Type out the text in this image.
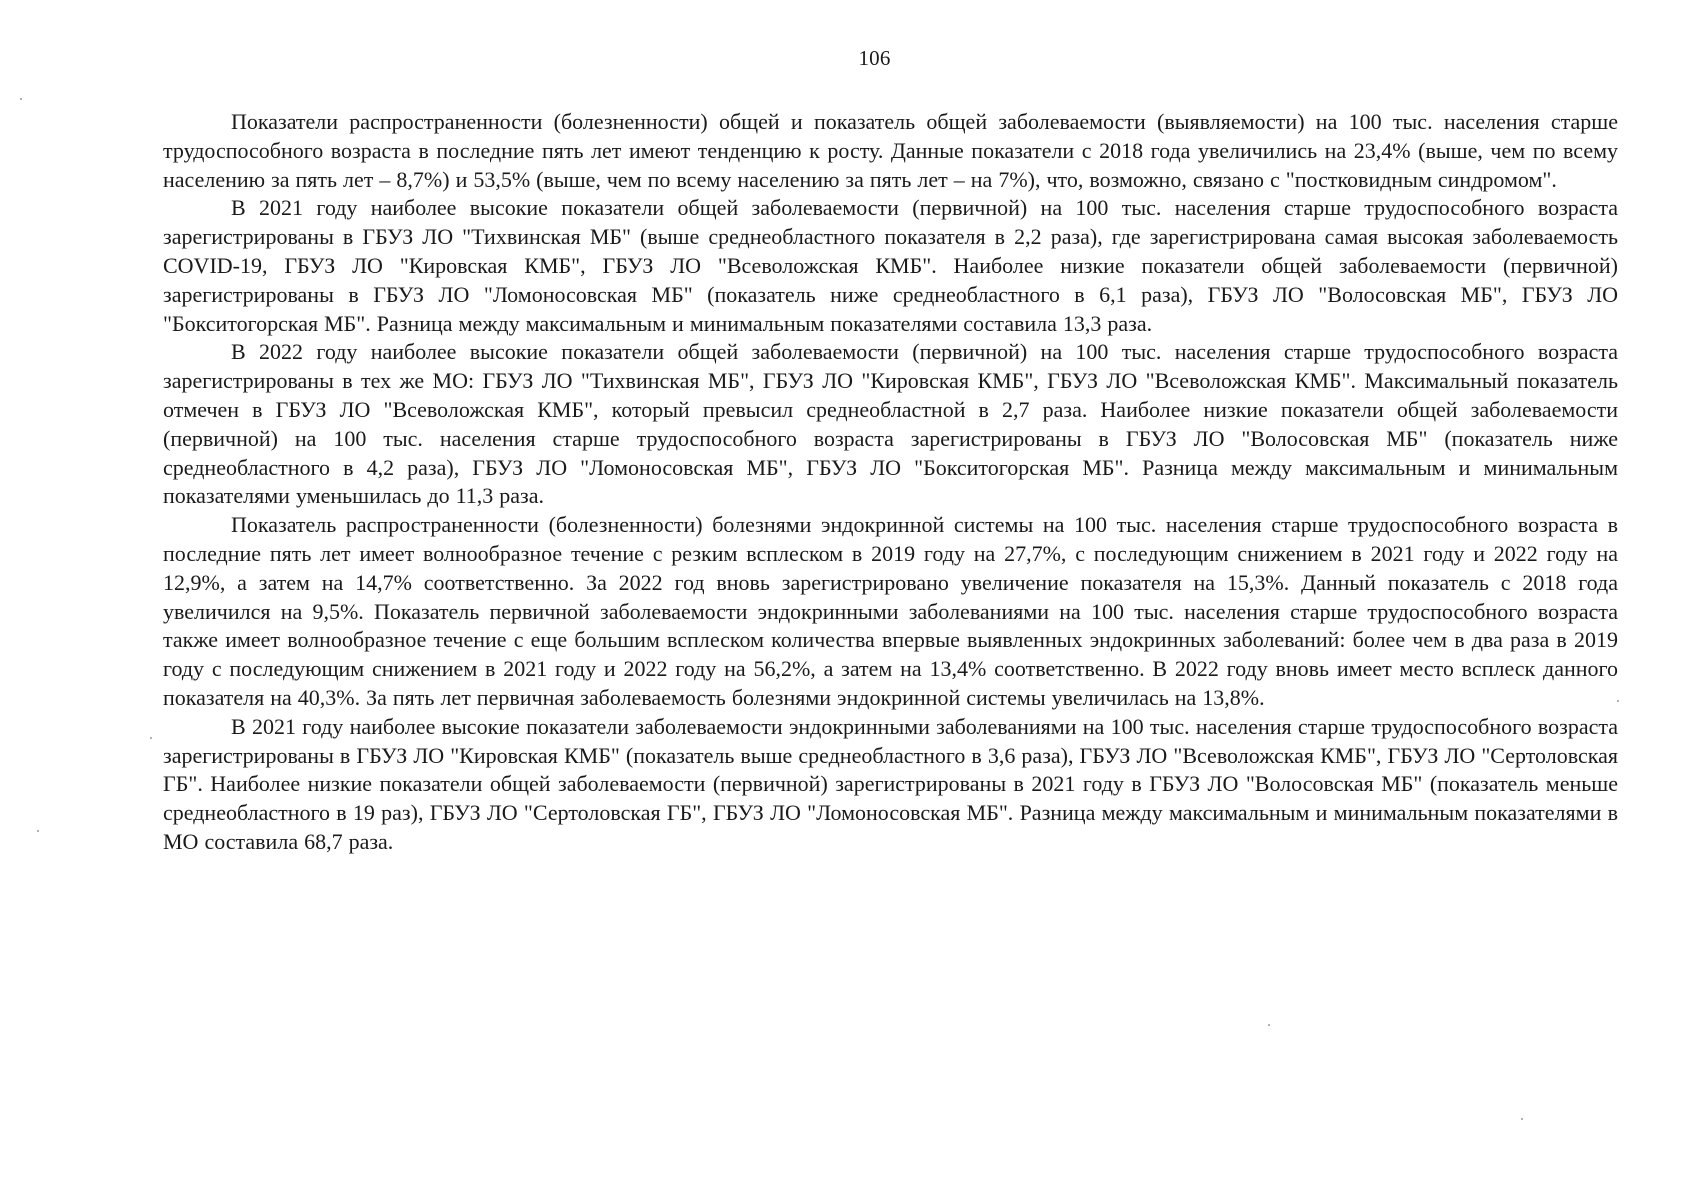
106

Показатели распространенности (болезненности) общей и показатель общей заболеваемости (выявляемости) на 100 тыс. населения старше трудоспособного возраста в последние пять лет имеют тенденцию к росту. Данные показатели с 2018 года увеличились на 23,4% (выше, чем по всему населению за пять лет – 8,7%) и 53,5% (выше, чем по всему населению за пять лет – на 7%), что, возможно, связано с "постковидным синдромом".

В 2021 году наиболее высокие показатели общей заболеваемости (первичной) на 100 тыс. населения старше трудоспособного возраста зарегистрированы в ГБУЗ ЛО "Тихвинская МБ" (выше среднеобластного показателя в 2,2 раза), где зарегистрирована самая высокая заболеваемость COVID-19, ГБУЗ ЛО "Кировская КМБ", ГБУЗ ЛО "Всеволожская КМБ". Наиболее низкие показатели общей заболеваемости (первичной) зарегистрированы в ГБУЗ ЛО "Ломоносовская МБ" (показатель ниже среднеобластного в 6,1 раза), ГБУЗ ЛО "Волосовская МБ", ГБУЗ ЛО "Бокситогорская МБ". Разница между максимальным и минимальным показателями составила 13,3 раза.

В 2022 году наиболее высокие показатели общей заболеваемости (первичной) на 100 тыс. населения старше трудоспособного возраста зарегистрированы в тех же МО: ГБУЗ ЛО "Тихвинская МБ", ГБУЗ ЛО "Кировская КМБ", ГБУЗ ЛО "Всеволожская КМБ". Максимальный показатель отмечен в ГБУЗ ЛО "Всеволожская КМБ", который превысил среднеобластной в 2,7 раза. Наиболее низкие показатели общей заболеваемости (первичной) на 100 тыс. населения старше трудоспособного возраста зарегистрированы в ГБУЗ ЛО "Волосовская МБ" (показатель ниже среднеобластного в 4,2 раза), ГБУЗ ЛО "Ломоносовская МБ", ГБУЗ ЛО "Бокситогорская МБ". Разница между максимальным и минимальным показателями уменьшилась до 11,3 раза.

Показатель распространенности (болезненности) болезнями эндокринной системы на 100 тыс. населения старше трудоспособного возраста в последние пять лет имеет волнообразное течение с резким всплеском в 2019 году на 27,7%, с последующим снижением в 2021 году и 2022 году на 12,9%, а затем на 14,7% соответственно. За 2022 год вновь зарегистрировано увеличение показателя на 15,3%. Данный показатель с 2018 года увеличился на 9,5%. Показатель первичной заболеваемости эндокринными заболеваниями на 100 тыс. населения старше трудоспособного возраста также имеет волнообразное течение с еще большим всплеском количества впервые выявленных эндокринных заболеваний: более чем в два раза в 2019 году с последующим снижением в 2021 году и 2022 году на 56,2%, а затем на 13,4% соответственно. В 2022 году вновь имеет место всплеск данного показателя на 40,3%. За пять лет первичная заболеваемость болезнями эндокринной системы увеличилась на 13,8%.

В 2021 году наиболее высокие показатели заболеваемости эндокринными заболеваниями на 100 тыс. населения старше трудоспособного возраста зарегистрированы в ГБУЗ ЛО "Кировская КМБ" (показатель выше среднеобластного в 3,6 раза), ГБУЗ ЛО "Всеволожская КМБ", ГБУЗ ЛО "Сертоловская ГБ". Наиболее низкие показатели общей заболеваемости (первичной) зарегистрированы в 2021 году в ГБУЗ ЛО "Волосовская МБ" (показатель меньше среднеобластного в 19 раз), ГБУЗ ЛО "Сертоловская ГБ", ГБУЗ ЛО "Ломоносовская МБ". Разница между максимальным и минимальным показателями в МО составила 68,7 раза.
